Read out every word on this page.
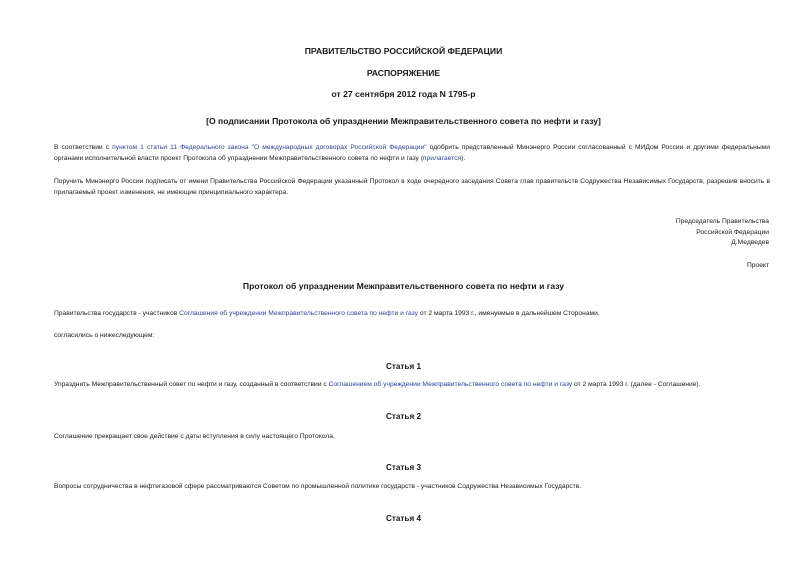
ПРАВИТЕЛЬСТВО РОССИЙСКОЙ ФЕДЕРАЦИИ
РАСПОРЯЖЕНИЕ
от 27 сентября 2012 года N 1795-р
[О подписании Протокола об упразднении Межправительственного совета по нефти и газу]
В соответствии с пунктом 1 статьи 11 Федерального закона "О международных договорах Российской Федерации" одобрить представленный Минэнерго России согласованный с МИДом России и другими федеральными органами исполнительной власти проект Протокола об упразднении Межправительственного совета по нефти и газу (прилагается).
Поручить Минэнерго России подписать от имени Правительства Российской Федерации указанный Протокол в ходе очередного заседания Совета глав правительств Содружества Независимых Государств, разрешив вносить в прилагаемый проект изменения, не имеющие принципиального характера.
Председатель Правительства
Российской Федерации
Д.Медведев
Проект
Протокол об упразднении Межправительственного совета по нефти и газу
Правительства государств - участников Соглашения об учреждении Межправительственного совета по нефти и газу от 2 марта 1993 г., именуемые в дальнейшем Сторонами,
согласились о нижеследующем:
Статья 1
Упразднить Межправительственный совет по нефти и газу, созданный в соответствии с Соглашением об учреждении Межправительственного совета по нефти и газу от 2 марта 1993 г. (далее - Соглашение).
Статья 2
Соглашение прекращает свое действие с даты вступления в силу настоящего Протокола.
Статья 3
Вопросы сотрудничества в нефтегазовой сфере рассматриваются Советом по промышленной политике государств - участников Содружества Независимых Государств.
Статья 4
